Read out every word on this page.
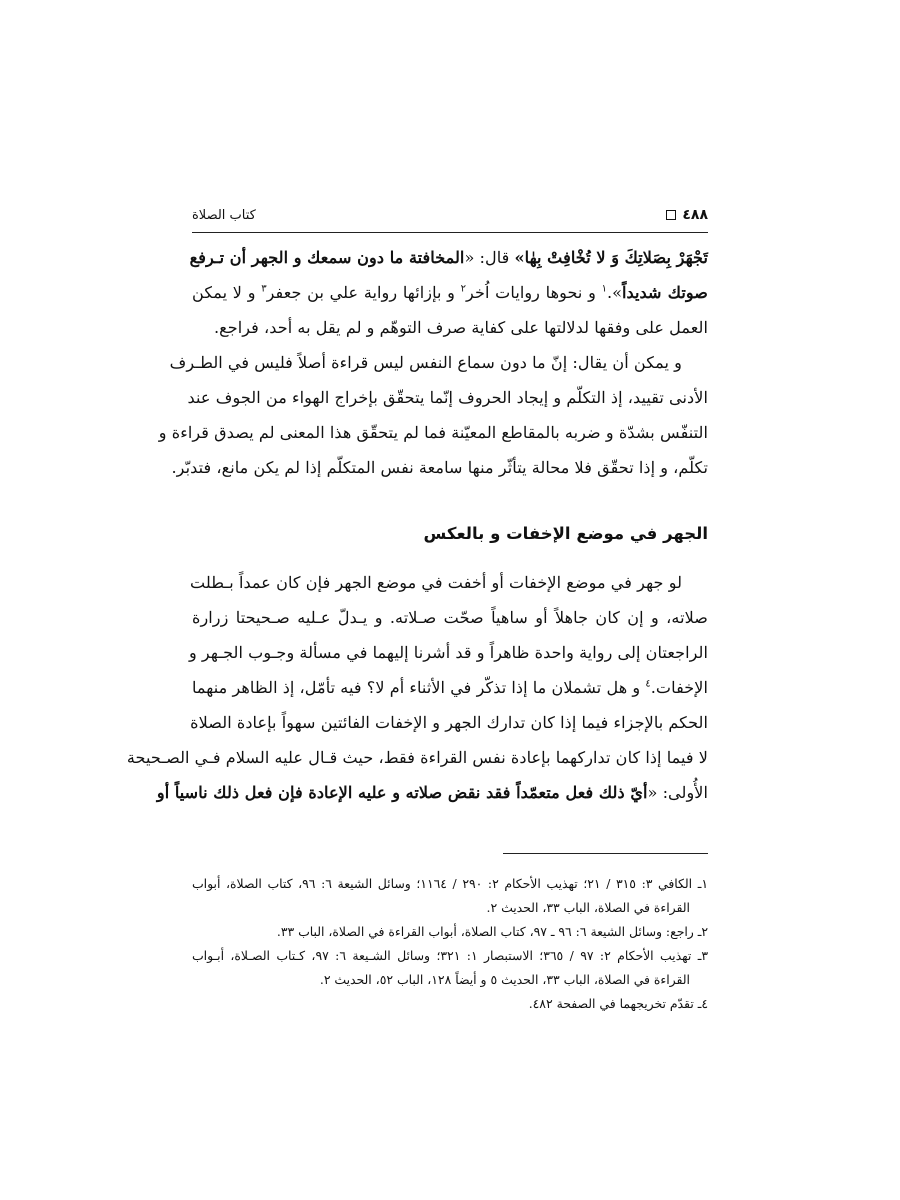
٤٨٨
كتاب الصلاة
تَجْهَرْ بِصَلاتِكَ وَ لا تُخْافِتْ بِهٰا» قال: «المخافتة ما دون سمعك و الجهر أن تـرفع
صوتك شديداً».$^١$ و نحوها روايات اُخر$^٢$ و بإزائها رواية علي بن جعفر$^٣$ و لا يمكن
العمل على وفقها لدلالتها على كفاية صرف التوهّم و لم يقل به أحد، فراجع.
و يمكن أن يقال: إنّ ما دون سماع النفس ليس قراءة أصلاً فليس في الطـرف
الأدنى تقييد، إذ التكلّم و إيجاد الحروف إنّما يتحقّق بإخراج الهواء من الجوف عند
التنفّس بشدّة و ضربه بالمقاطع المعيّنة فما لم يتحقّق هذا المعنى لم يصدق قراءة و
تكلّم، و إذا تحقّق فلا محالة يتأثّر منها سامعة نفس المتكلّم إذا لم يكن مانع، فتدبّر.
الجهر في موضع الإخفات و بالعكس
لو جهر في موضع الإخفات أو أخفت في موضع الجهر فإن كان عمداً بـطلت
صلاته، و إن كان جاهلاً أو ساهياً صحّت صـلاته. و يـدلّ عـليه صـحيحتا زرارة
الراجعتان إلى رواية واحدة ظاهراً و قد أشرنا إليهما في مسألة وجـوب الجـهر و
الإخفات.$^٤$ و هل تشملان ما إذا تذكّر في الأثناء أم لا؟ فيه تأمّل، إذ الظاهر منهما
الحكم بالإجزاء فيما إذا كان تدارك الجهر و الإخفات الفائتين سهواً بإعادة الصلاة
لا فيما إذا كان تداركهما بإعادة نفس القراءة فقط، حيث قـال عليه السلام فـي الصـحيحة
الأُولى: «أيّ ذلك فعل متعمّداً فقد نقض صلاته و عليه الإعادة فإن فعل ذلك ناسياً أو
١ـ الكافي ٣: ٣١٥ / ٢١؛ تهذيب الأحكام ٢: ٢٩٠ / ١١٦٤؛ وسائل الشيعة ٦: ٩٦، كتاب الصلاة، أبواب
القراءة في الصلاة، الباب ٣٣، الحديث ٢.
٢ـ راجع: وسائل الشيعة ٦: ٩٦ ـ ٩٧، كتاب الصلاة، أبواب القراءة في الصلاة، الباب ٣٣.
٣ـ تهذيب الأحكام ٢: ٩٧ / ٣٦٥؛ الاستبصار ١: ٣٢١؛ وسائل الشـيعة ٦: ٩٧، كـتاب الصـلاة، أبـواب
القراءة في الصلاة، الباب ٣٣، الحديث ٥ و أيضاً ١٢٨، الباب ٥٢، الحديث ٢.
٤ـ تقدّم تخريجهما في الصفحة ٤٨٢.
